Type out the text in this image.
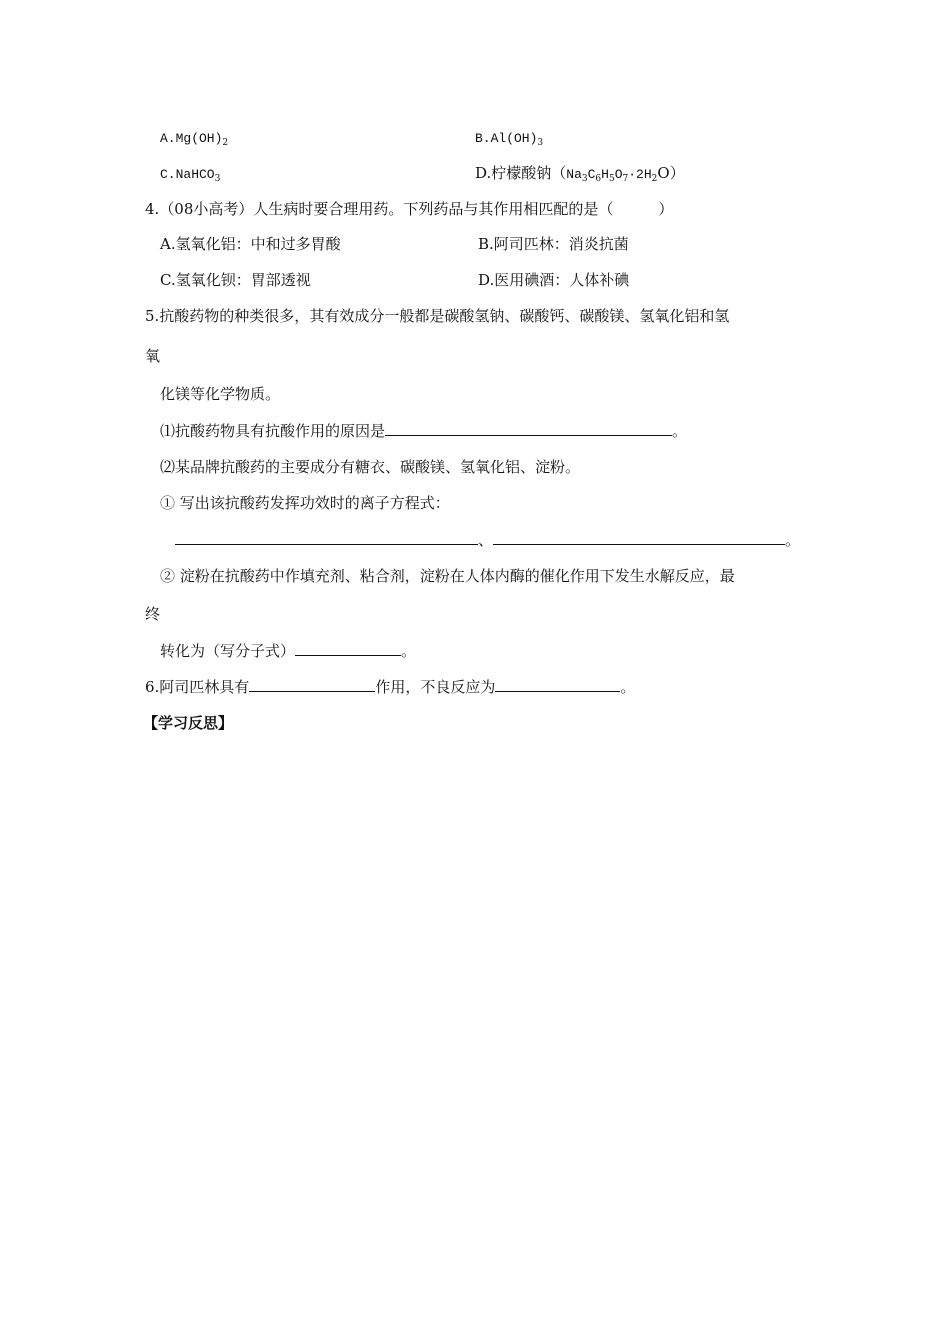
$A.Mg(OH)_2$	$B.Al(OH)_3$
C.NaHCO$_3$	D.柠檬酸钠$(Na_3C_6H_5O_7\cdot 2H_2O)$
4.（08小高考）人生病时要合理用药。下列药品与其作用相匹配的是（　　　）
A.氢氧化铝：中和过多胃酸	B.阿司匹林：消炎抗菌
C.氢氧化钡：胃部透视	D.医用碘酒：人体补碘
5.抗酸药物的种类很多，其有效成分一般都是碳酸氢钠、碳酸钙、碳酸镁、氢氧化铝和氢
氧
化镁等化学物质。
⑴抗酸药物具有抗酸作用的原因是	。
⑵某品牌抗酸药的主要成分有糖衣、碳酸镁、氢氧化铝、淀粉。
① 写出该抗酸药发挥功效时的离子方程式：
、	。
② 淀粉在抗酸药中作填充剂、粘合剂，淀粉在人体内酶的催化作用下发生水解反应，最
终
转化为（写分子式）	。
6.阿司匹林具有	作用，不良反应为	。
【学习反思】
